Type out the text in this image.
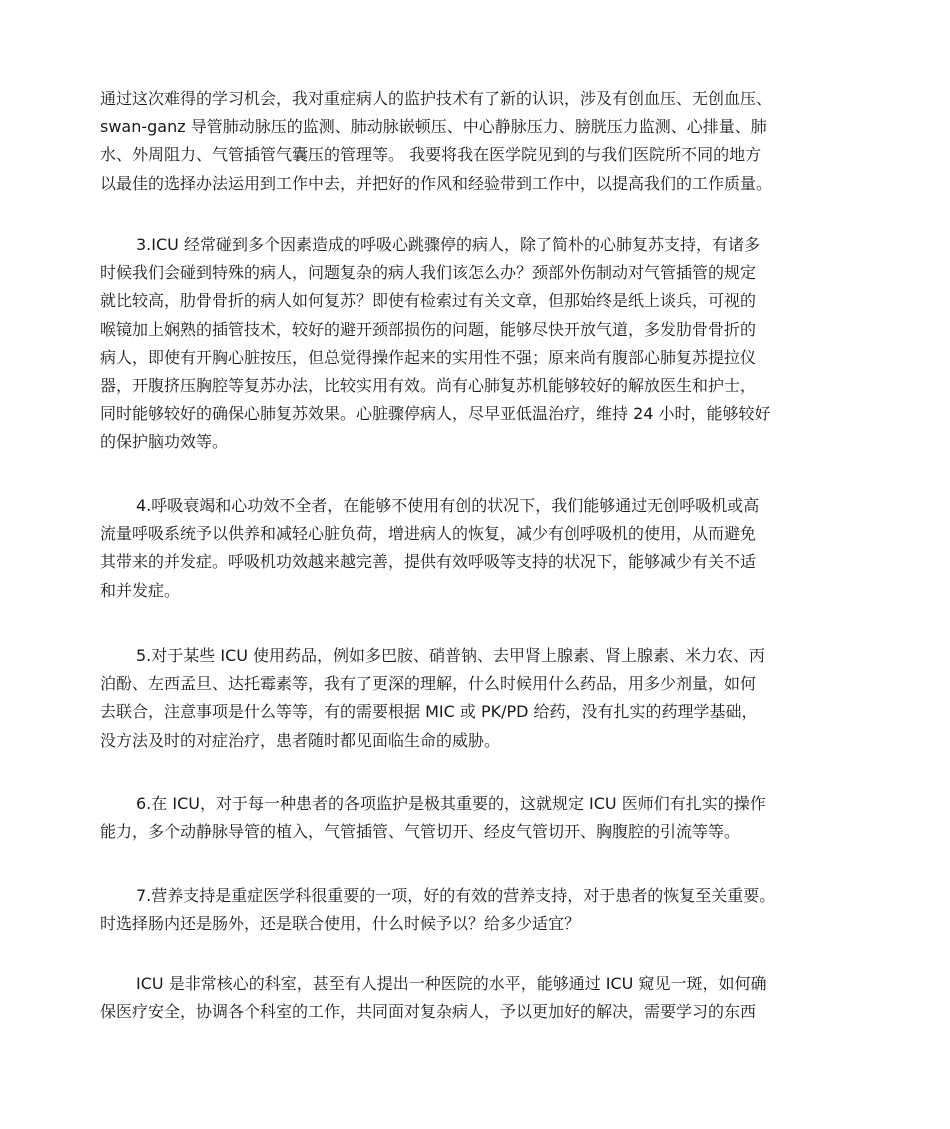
通过这次难得的学习机会，我对重症病人的监护技术有了新的认识，涉及有创血压、无创血压、
swan-ganz 导管肺动脉压的监测、肺动脉嵌顿压、中心静脉压力、膀胱压力监测、心排量、肺
水、外周阻力、气管插管气囊压的管理等。 我要将我在医学院见到的与我们医院所不同的地方
以最佳的选择办法运用到工作中去，并把好的作风和经验带到工作中，以提高我们的工作质量。

3.ICU 经常碰到多个因素造成的呼吸心跳骤停的病人，除了简朴的心肺复苏支持，有诸多
时候我们会碰到特殊的病人，问题复杂的病人我们该怎么办？颈部外伤制动对气管插管的规定
就比较高，肋骨骨折的病人如何复苏？即使有检索过有关文章，但那始终是纸上谈兵，可视的
喉镜加上娴熟的插管技术，较好的避开颈部损伤的问题，能够尽快开放气道，多发肋骨骨折的
病人，即使有开胸心脏按压，但总觉得操作起来的实用性不强；原来尚有腹部心肺复苏提拉仪
器，开腹挤压胸腔等复苏办法，比较实用有效。尚有心肺复苏机能够较好的解放医生和护士，
同时能够较好的确保心肺复苏效果。心脏骤停病人，尽早亚低温治疗，维持 24 小时，能够较好
的保护脑功效等。

4.呼吸衰竭和心功效不全者，在能够不使用有创的状况下，我们能够通过无创呼吸机或高
流量呼吸系统予以供养和减轻心脏负荷，增进病人的恢复，减少有创呼吸机的使用，从而避免
其带来的并发症。呼吸机功效越来越完善，提供有效呼吸等支持的状况下，能够减少有关不适
和并发症。

5.对于某些 ICU 使用药品，例如多巴胺、硝普钠、去甲肾上腺素、肾上腺素、米力农、丙
泊酚、左西孟旦、达托霉素等，我有了更深的理解，什么时候用什么药品，用多少剂量，如何
去联合，注意事项是什么等等，有的需要根据 MIC 或 PK/PD 给药，没有扎实的药理学基础，
没方法及时的对症治疗，患者随时都见面临生命的威胁。

6.在 ICU，对于每一种患者的各项监护是极其重要的，这就规定 ICU 医师们有扎实的操作
能力，多个动静脉导管的植入，气管插管、气管切开、经皮气管切开、胸腹腔的引流等等。

7.营养支持是重症医学科很重要的一项，好的有效的营养支持，对于患者的恢复至关重要。
时选择肠内还是肠外，还是联合使用，什么时候予以？给多少适宜？

ICU 是非常核心的科室，甚至有人提出一种医院的水平，能够通过 ICU 窥见一斑，如何确
保医疗安全，协调各个科室的工作，共同面对复杂病人，予以更加好的解决，需要学习的东西
